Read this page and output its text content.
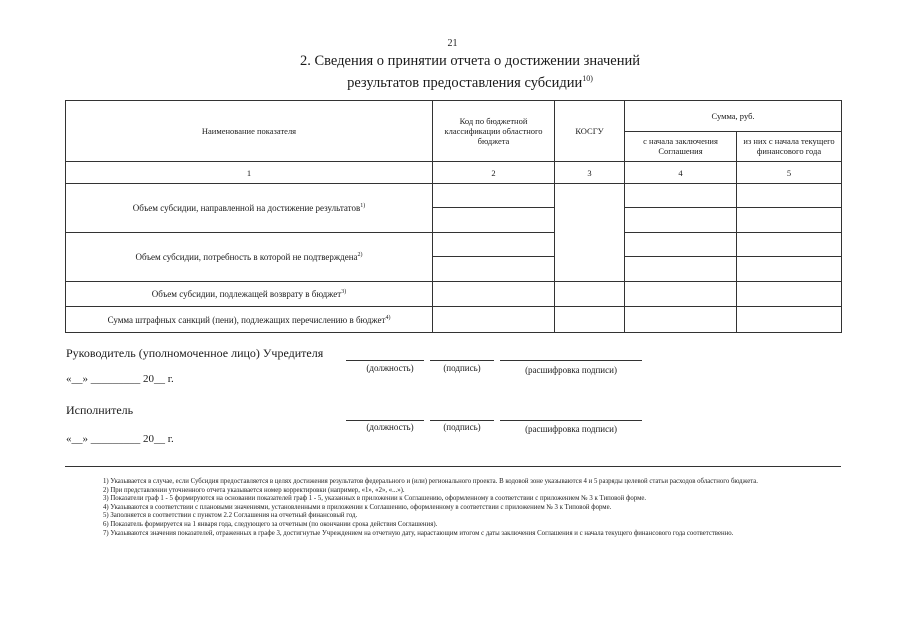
21
2. Сведения о принятии отчета о достижении значений
результатов предоставления субсидии$^{10)}$
Наименование показателя	Код по бюджетной классификации областного бюджета	КОСГУ	Сумма, руб.	
			с начала заключения Соглашения	из них с начала текущего финансового года
1	2	3	4	5
Объем субсидии, направленной на достижение результатов$^{1)}$				

Объем субсидии, потребность в которой не подтверждена$^{2)}$			

Объем субсидии, подлежащей возврату в бюджет$^{3)}$				
Сумма штрафных санкций (пени), подлежащих перечислению в бюджет$^{4)}$				
Руководитель (уполномоченное лицо) Учредителя
(должность)	(подпись)	(расшифровка подписи)
«__» _________ 20__ г.
Исполнитель
(должность)	(подпись)	(расшифровка подписи)
«__» _________ 20__ г.

1) Указывается в случае, если Субсидия предоставляется в целях достижения результатов федерального и (или) регионального проекта. В кодовой зоне указываются 4 и 5 разряды целевой статьи расходов областного бюджета.

2) При представлении уточненного отчета указывается номер корректировки (например, «1», «2», «...»).

3) Показатели граф 1 - 5 формируются на основании показателей граф 1 - 5, указанных в приложении к Соглашению, оформленному в соответствии с приложением № 3 к Типовой форме.

4) Указываются в соответствии с плановыми значениями, установленными в приложении к Соглашению, оформленному в соответствии с приложением № 3 к Типовой форме.

5) Заполняется в соответствии с пунктом 2.2 Соглашения на отчетный финансовый год.

6) Показатель формируется на 1 января года, следующего за отчетным (по окончании срока действия Соглашения).

7) Указываются значения показателей, отраженных в графе 3, достигнутые Учреждением на отчетную дату, нарастающим итогом с даты заключения Соглашения и с начала текущего финансового года соответственно.
